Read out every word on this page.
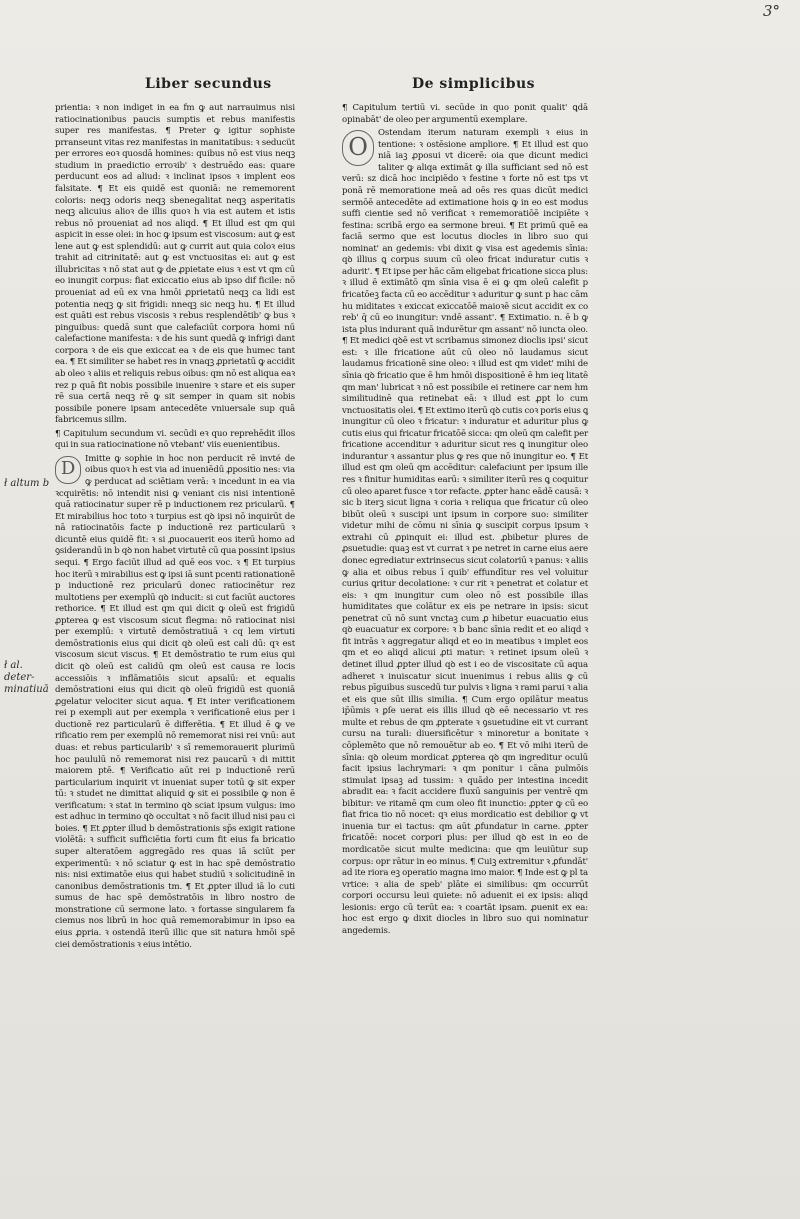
3°
Liber secundus	De simplicibus
ł altum b
ł al. deter- minatiuā

prientia: ꝛ non indiget in ea fm ꝙ aut narrauimus nisi ratiocinationibus paucis sumptis et rebus manifestis super res manifestas. ¶ Preter ꝙ igitur sophiste prranseunt vitas rez manifestas in manitatibus: ꝛ seducüt per errores eoꝛ quosdā homines: quibus nō est vius neqꝫ studium in praedictio erroꝛib' ꝛ destruēdo eas: quare perducunt eos ad aliud: ꝛ inclinat ipsos ꝛ implent eos falsitate. ¶ Et eis quidē est quoniā: ne rememorent coloris: neqꝫ odoris neqꝫ sbenegalitat neqꝫ asperitatis neqꝫ alicuius alioꝛ de illis quoꝛ h via est autem et istis rebus nō proueniat ad nos aliqd. ¶ Et illud est qm qui aspicit in esse olei: in hoc ꝙ ipsum est viscosum: aut ꝙ est lene aut ꝙ est splendidū: aut ꝙ currit aut quia coloꝛ eius trahit ad citrinitatē: aut ꝙ est vnctuositas ei: aut ꝙ est illubricitas ꝛ nō stat aut ꝙ de ꝓpietate eius ꝛ est vt qm cū eo inungit corpus: fiat exiccatio eius ab ipso dif ficile: nō proueniat ad eū ex vna hmōi ꝓprietatū neqꝫ ca lidi est potentia neqꝫ ꝙ sit frigidi: nneqꝫ sic neqꝫ hu. ¶ Et illud est quāti est rebus viscosis ꝛ rebus resplendētib' ꝙ bus ꝛ pinguibus: quedā sunt que calefaciūt corpora homi nū calefactione manifesta: ꝛ de his sunt quedā ꝙ infrigi dant corpora ꝛ de eis que exiccat ea ꝛ de eis que humec tant ea. ¶ Et similiter se habet res in vnaqꝫ ꝓprietatū ꝙ accidit ab oleo ꝛ aliis et reliquis rebus oibus: qm nō est aliqua eaꝛ rez p quā fit nobis possibile inuenire ꝛ stare et eis super rē sua certā neqꝫ rē ꝙ sit semper in quam sit nobis possibile ponere ipsam antecedēte vniuersale sup quā fabricemus sillm.

¶ Capitulum secundum vi. secūdi eꝛ quo reprehēdit illos qui in sua ratiocinatione nō vtebant' viis euenientibus.

D	Imitte ꝙ sophie in hoc non perducit rē invté de oibus quoꝛ h est via ad inueniēdū ꝓpositio nes: via ꝙ perducat ad sciētiam verā: ꝛ incedunt in ea via ꝛcquirētis: nō intendit nisi ꝙ veniant cis nisi intentionē quā ratiocinatur super rē p inductionem rez pricularū. ¶ Et mirabilius hoc toto ꝛ turpius est qꝺ ipsi nō inquirūt de nā ratiocinatōis facte p inductionē rez particularū ꝛ dicuntē eius quidē fit: ꝛ si ꝓuocauerit eos iterū homo ad ꝯsiderandū in b qꝺ non habet virtutē cū qua possint ipsius sequi. ¶ Ergo faciūt illud ad quē eos voc. ꝛ ¶ Et turpius hoc iterū ꝛ mirabilius est ꝙ ipsi iā sunt pcenti rationationē p inductionē rez pricularū donec ratiocinētur rez multotiens per exemplū qꝺ inducit: si cut faciūt auctores rethorice. ¶ Et illud est qm qui dicit ꝙ oleū est frigidū ꝓpterea ꝙ est viscosum sicut flegma: nō ratiocinat nisi per exemplū: ꝛ virtutē demōstratiuā ꝛ cq lem virtuti demōstrationis eius qui dicit qꝺ oleū est cali dū: qꝛ est viscosum sicut viscus. ¶ Et demōstratio te rum eius qui dicit qꝺ oleū est calidū qm oleū est causa re locis accessiōis ꝛ inflāmatiōis sicut apsalū: et equalis demōstrationi eius qui dicit qꝺ oleū frigidū est quoniā ꝓgelatur velociter sicut aqua. ¶ Et inter verificationem rei p exempli aut per exempla ꝛ verificationē eius per i ductionē rez particularū ē differētia. ¶ Et illud ē ꝙ ve rificatio rem per exemplū nō rememorat nisi rei vnū: aut duas: et rebus particularib' ꝛ sī rememorauerit plurimū hoc paululū nō rememorat nisi rez paucarū ꝛ di mittit maiorem ptē. ¶ Verificatio aūt rei p inductionē rerū particularium inquirit vt inueniat super totū ꝙ sit exper tū: ꝛ studet ne dimittat aliquid ꝙ sit ei possibile ꝙ non ē verificatum: ꝛ stat in termino qꝺ sciat ipsum vulgus: imo est adhuc in termino qꝺ occultat ꝛ nō facit illud nisi pau ci boies. ¶ Et ꝓpter illud b demōstrationis sp̄s exigit ratione violētā: ꝛ sufficit sufficiētia forti cum fit eius fa bricatio super alteratōem aggregādo res quas iā sciūt per experimentū: ꝛ nō sciatur ꝙ est in hac spē demōstratio nis: nisi extimatōe eius qui habet studiū ꝛ solicitudinē in canonibus demōstrationis tm. ¶ Et ꝓpter illud iā lo cuti sumus de hac spē demōstratōis in libro nostro de monstratione cū sermone lato. ꝛ fortasse singularem fa ciemus nos librū in hoc quā rememorabimur in ipso ea eius ꝓpria. ꝛ ostendā iterū illic que sit natura hmōi spē ciei demōstrationis ꝛ eius intētio.

¶ Capitulum tertiū vi. secūde in quo ponit qualit' ꝗdā opinabāt' de oleo per argumentū exemplare.

O	Ostendam iterum naturam exempli ꝛ eius in tentione: ꝛ ostēsione ampliore. ¶ Et illud est quo niā iaꝫ ꝓposui vt dicerē: oia que dicunt medici taliter ꝙ aliqa extimāt ꝙ illa sufficiant sed nō est verū: sz dicā hoc incipiēdo ꝛ festine ꝛ forte nō est tps vt ponā rē memoratione meā ad oēs res quas dicūt medici sermōē antecedēte ad extimatione hois ꝙ in eo est modus suffi cientie sed nō verificat ꝛ rememoratiōē incipiēte ꝛ festina: scribā ergo ea sermone breui. ¶ Et primū quē ea faciā sermo que est locutus diocles in libro suo qui nominat' an gedemis: vbi dixit ꝙ visa est agedemis sīnia: qꝺ illius ꝗ corpus suum cū oleo fricat induratur cutis ꝛ adurit'. ¶ Et ipse per hāc cām eligebat fricatione sicca plus: ꝛ illud ē extimātō qm sīnia visa ē ei ꝙ qm oleū calefit p fricatōeꝫ facta cū eo accēditur ꝛ aduritur ꝙ sunt p hac cām hu miditates ꝛ exiccat exiccatōē maioꝛē sicut accidit ex co reb' q̄ cū eo inungitur: vndē assant'. ¶ Extimatio. n. ē b ꝙ ista plus indurant quā indurētur qm assant' nō iuncta oleo. ¶ Et medici qꝺē est vt scribamus simonez dioclis ipsi' sicut est: ꝛ ille fricatione aūt cū oleo nō laudamus sicut laudamus fricationē sine oleo: ꝛ illud est qm videt' mihi de sīnia qꝺ fricatio que ē hm hmōi dispositionē ē hm ieq litatē qm man' lubricat ꝛ nō est possibile ei retinere car nem hm similitudinē qua retinebat eā: ꝛ illud est ꝓpt lo cum vnctuositatis olei. ¶ Et extimo iterū qꝺ cutis coꝛ poris eius ꝗ inungitur cū oleo ꝛ fricatur: ꝛ induratur et aduritur plus ꝙ cutis eius qui fricatur fricatōē sicca: qm oleū qm calefit per fricatione accenditur ꝛ aduritur sicut res ꝗ inungitur oleo indurantur ꝛ assantur plus ꝙ res que nō inungitur eo. ¶ Et illud est qm oleū qm accēditur: calefaciunt per ipsum ille res ꝛ finitur humiditas earū: ꝛ similiter iterū res ꝗ coquitur cū oleo aparet fusce ꝛ tor refacte. ꝓpter hanc eādē causā: ꝛ sic b iterꝫ sicut ligna ꝛ coria ꝛ reliqua que fricatur cū oleo bibūt oleū ꝛ suscipi unt ipsum in corpore suo: similiter videtur mihi de cōmu ni sīnia ꝙ suscipit corpus ipsum ꝛ extrahi cū ꝓpinquit ei: illud est. ꝓbibetur plures de ꝓsuetudie: quaꝫ est vt currat ꝛ pe netret in carne eius aere donec egrediatur extrinsecus sicut colatoriū ꝛ panus: ꝛ aliis ꝙ alia et oibus rebus ī quib' effundītur res vel voluitur curius ꝗritur decolatione: ꝛ cur rit ꝛ penetrat et colatur et eis: ꝛ qm inungitur cum oleo nō est possibile illas humiditates que colātur ex eis pe netrare in ipsis: sicut penetrat cū nō sunt vnctaꝫ cum ꝓ hibetur euacuatio eius qꝺ euacuatur ex corpore: ꝛ b banc sīnia redit et eo aliqd ꝛ fit intrās ꝛ aggregatur aliqd et eo in meatibus ꝛ implet eos qm et eo aliqd alicui ꝓti matur: ꝛ retinet ipsum oleū ꝛ detinet illud ꝓpter illud qꝺ est i eo de viscositate cū aqua adheret ꝛ inuiscatur sicut inuenimus i rebus aliis ꝙ cū rebus pīguibus suscedū tur pulvis ꝛ ligna ꝛ rami parui ꝛ alia et eis que sūt illis similia. ¶ Cum ergo opilātur meatus ip̄ūmis ꝛ ꝑſe uerat eis illis illud qꝺ eē necessario vt res multe et rebus de qm ꝓpterate ꝛ ꝯsuetudine eit vt currant cursu na turali: diuersificētur ꝛ minoretur a bonitate ꝛ cōplemēto que nō remouētur ab eo. ¶ Et vō mihi iterū de sīnia: qꝺ oleum mordicat ꝓpterea qꝺ qm ingreditur oculū facit ipsius lachrymari: ꝛ qm ponitur i cāna pulmōis stimulat ipsaꝫ ad tussim: ꝛ quādo per intestina incedit abradit ea: ꝛ facit accidere fluxū sanguinis per ventrē qm bibitur: ve ritamē qm cum oleo fit inunctio: ꝓpter ꝙ cū eo fiat frica tio nō nocet: qꝛ eius mordicatio est debilior ꝙ vt inuenia tur ei tactus: qm aūt ꝓfundatur in carne. ꝓpter fricatōē: nocet corpori plus: per illud qꝺ est in eo de mordicatōe sicut multe medicina: que qm leuiūtur sup corpus: opr rātur in eo minus. ¶ Cuiꝫ extremitur ꝛ ꝓfundāt' ad ite riora eꝫ operatio magna imo maior. ¶ Inde est ꝙ pl ta vrtice: ꝛ alia de speb' plāte ei similibus: qm occurrūt corpori occursu leui quiete: nō aduenit ei ex ipsis: aliqd lesionis: ergo cū terūt ea: ꝛ coartāt ipsam. ꝓuenit ex ea: hoc est ergo ꝙ dixit diocles in libro suo qui nominatur angedemis.
